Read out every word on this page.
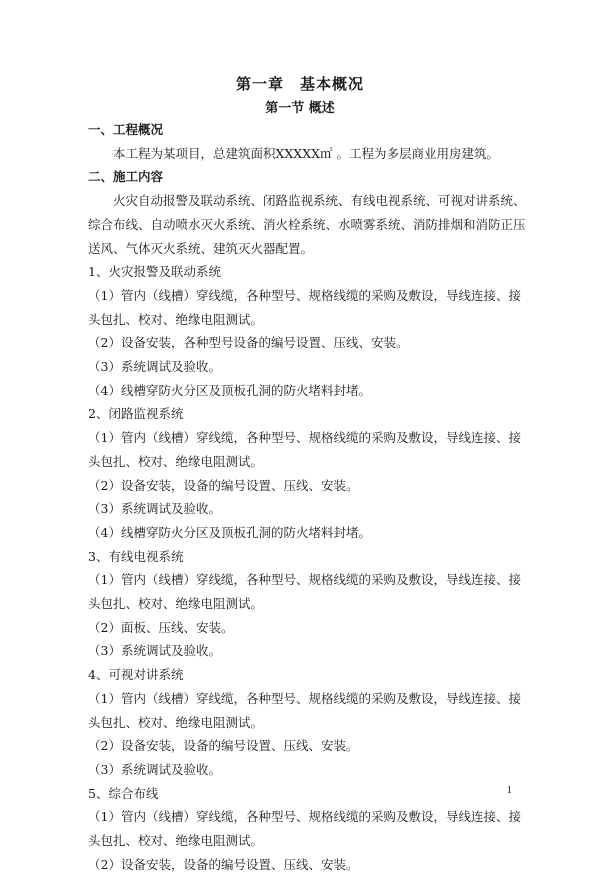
第一章　基本概况
第一节 概述
一、工程概况
本工程为某项目，总建筑面积XXXXX㎡ 。工程为多层商业用房建筑。
二、施工内容
火灾自动报警及联动系统、闭路监视系统、有线电视系统、可视对讲系统、
综合布线、自动喷水灭火系统、消火栓系统、水喷雾系统、消防排烟和消防正压
送风、气体灭火系统、建筑灭火器配置。
1、火灾报警及联动系统
（1）管内（线槽）穿线缆，各种型号、规格线缆的采购及敷设，导线连接、接
头包扎、校对、绝缘电阻测试。
（2）设备安装，各种型号设备的编号设置、压线、安装。
（3）系统调试及验收。
（4）线槽穿防火分区及顶板孔洞的防火堵料封堵。
2、闭路监视系统
（1）管内（线槽）穿线缆，各种型号、规格线缆的采购及敷设，导线连接、接
头包扎、校对、绝缘电阻测试。
（2）设备安装，设备的编号设置、压线、安装。
（3）系统调试及验收。
（4）线槽穿防火分区及顶板孔洞的防火堵料封堵。
3、有线电视系统
（1）管内（线槽）穿线缆，各种型号、规格线缆的采购及敷设，导线连接、接
头包扎、校对、绝缘电阻测试。
（2）面板、压线、安装。
（3）系统调试及验收。
4、可视对讲系统
（1）管内（线槽）穿线缆，各种型号、规格线缆的采购及敷设，导线连接、接
头包扎、校对、绝缘电阻测试。
（2）设备安装，设备的编号设置、压线、安装。
（3）系统调试及验收。
5、综合布线
（1）管内（线槽）穿线缆，各种型号、规格线缆的采购及敷设，导线连接、接
头包扎、校对、绝缘电阻测试。
（2）设备安装，设备的编号设置、压线、安装。
1
